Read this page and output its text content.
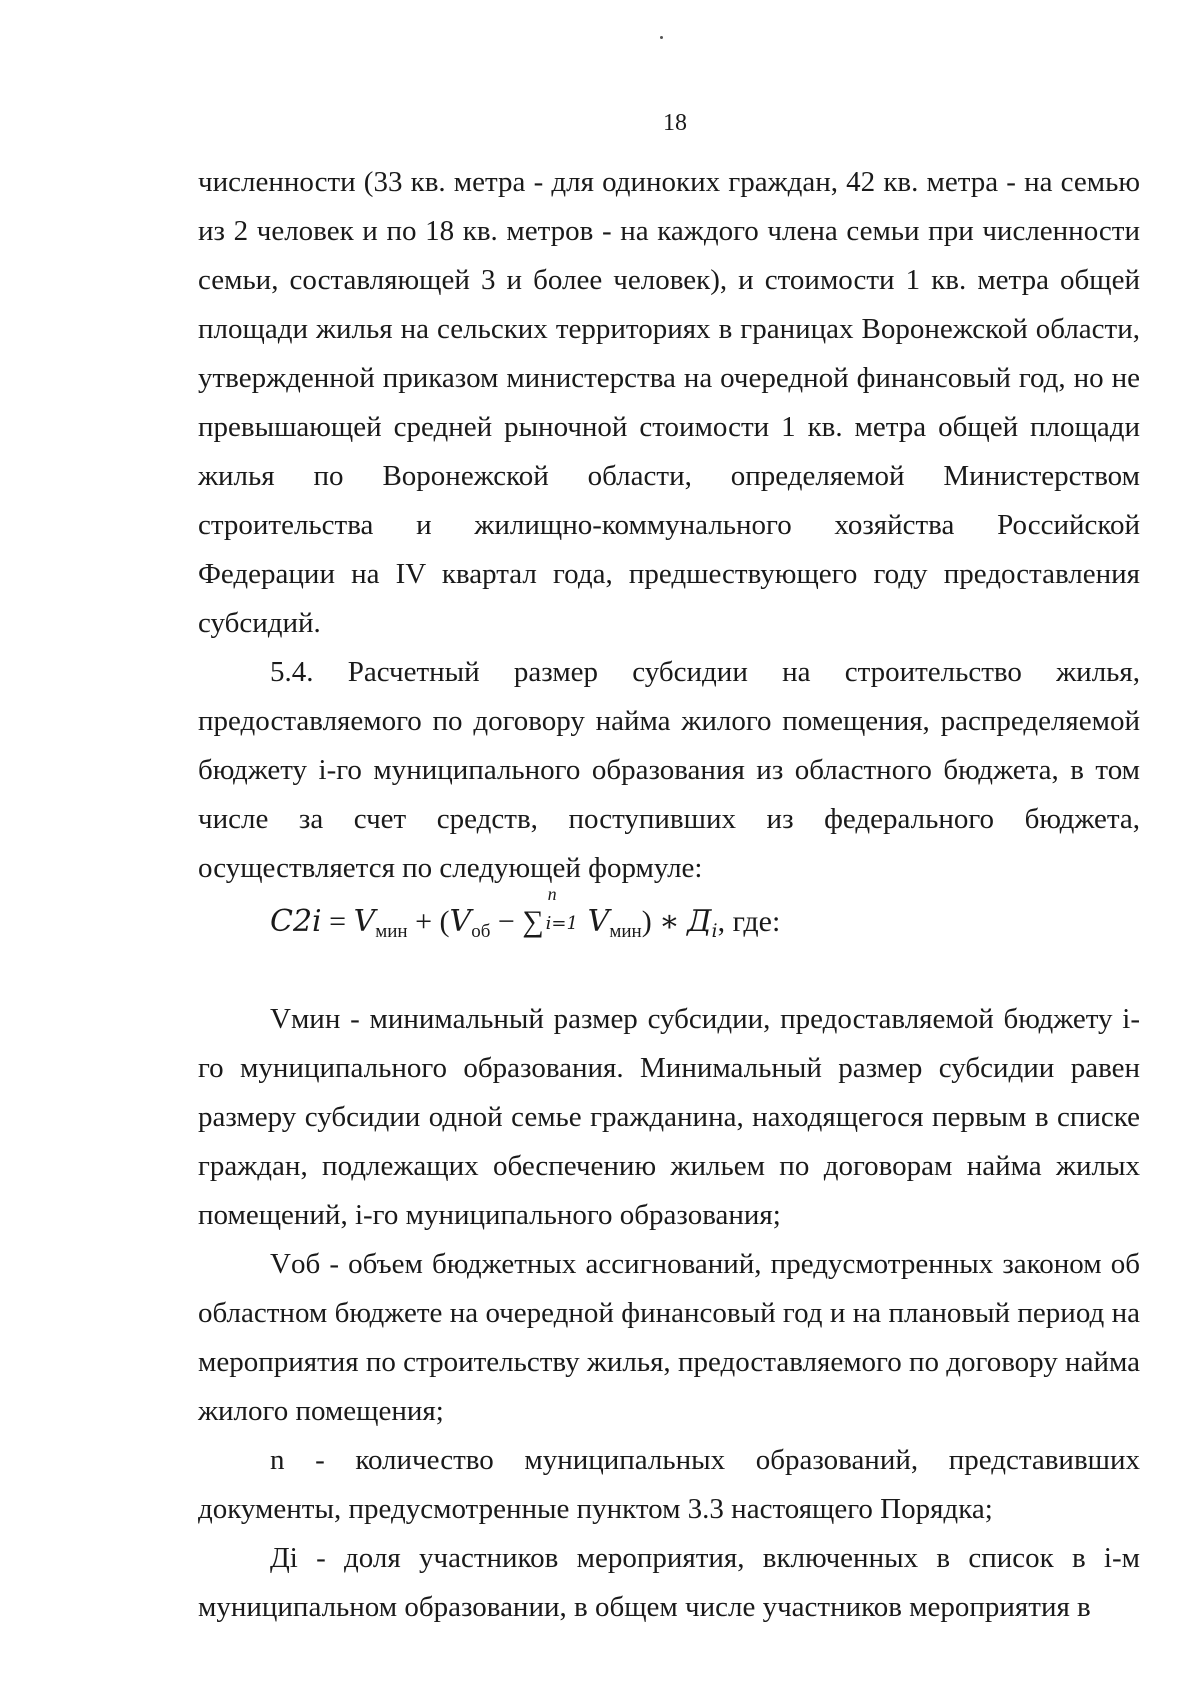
18

численности (33 кв. метра - для одиноких граждан, 42 кв. метра - на семью из 2 человек и по 18 кв. метров - на каждого члена семьи при численности семьи, составляющей 3 и более человек), и стоимости 1 кв. метра общей площади жилья на сельских территориях в границах Воронежской области, утвержденной приказом министерства на очередной финансовый год, но не превышающей средней рыночной стоимости 1 кв. метра общей площади жилья по Воронежской области, определяемой Министерством строительства и жилищно-коммунального хозяйства Российской Федерации на IV квартал года, предшествующего году предоставления субсидий.

5.4. Расчетный размер субсидии на строительство жилья, предоставляемого по договору найма жилого помещения, распределяемой бюджету i-го муниципального образования из областного бюджета, в том числе за счет средств, поступивших из федерального бюджета, осуществляется по следующей формуле:

$C2i = V_{мин} + (V_{об}$ − ∑
n
i=1 $V_{мин}$) ∗ $Д_i$, где:

Vмин - минимальный размер субсидии, предоставляемой бюджету i-го муниципального образования. Минимальный размер субсидии равен размеру субсидии одной семье гражданина, находящегося первым в списке граждан, подлежащих обеспечению жильем по договорам найма жилых помещений, i-го муниципального образования;

Vоб - объем бюджетных ассигнований, предусмотренных законом об областном бюджете на очередной финансовый год и на плановый период на мероприятия по строительству жилья, предоставляемого по договору найма жилого помещения;

n - количество муниципальных образований, представивших документы, предусмотренные пунктом 3.3 настоящего Порядка;

Дi - доля участников мероприятия, включенных в список в i-м муниципальном образовании, в общем числе участников мероприятия в
